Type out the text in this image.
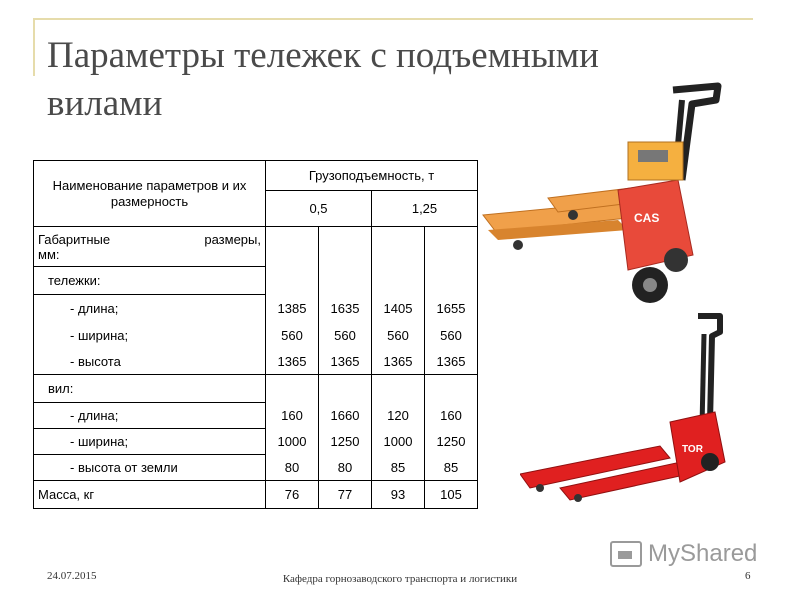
Параметры тележек с подъемными вилами
Наименование параметров и их размерность	Грузоподъемность, т			
	0,5		1,25	

Габаритные размеры,
мм:				

тележки:				
- длина;	1385	1635	1405	1655
- ширина;	560	560	560	560
- высота	1365	1365	1365	1365
вил:				
- длина;	160	1660	120	160
- ширина;	1000	1250	1000	1250
- высота от земли	80	80	85	85
Масса, кг	76	77	93	105
CAS
TOR
MyShared
24.07.2015	Кафедра горнозаводского транспорта и логистики	6
